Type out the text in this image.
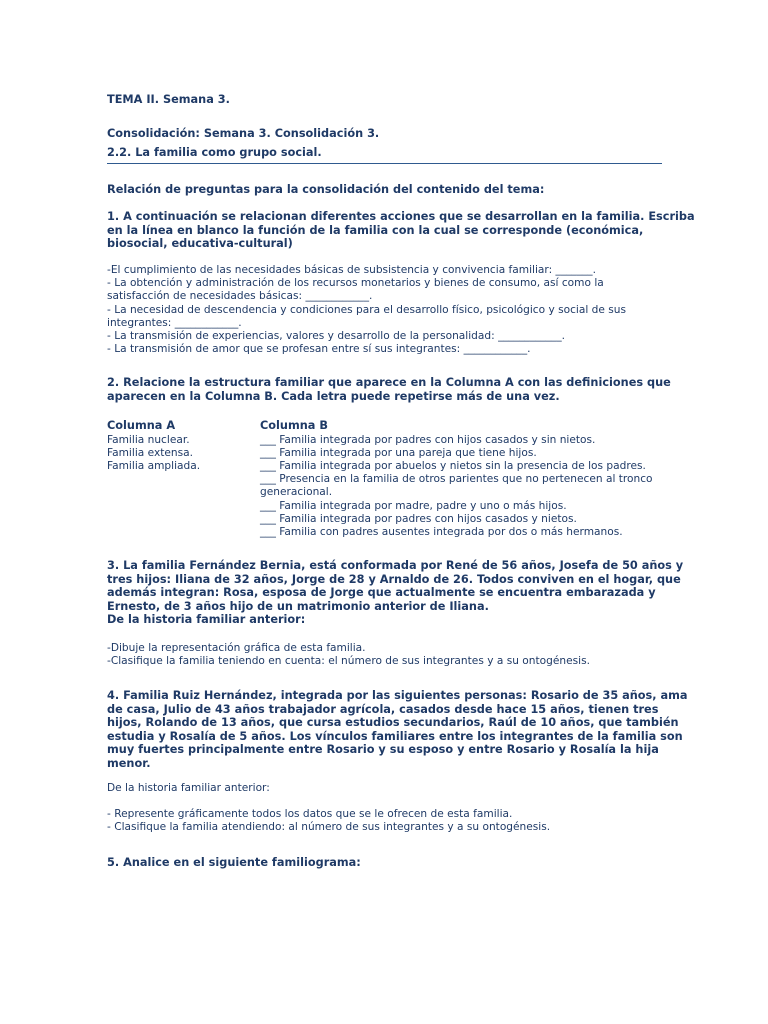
TEMA II. Semana 3.

Consolidación: Semana 3. Consolidación 3.

2.2. La familia como grupo social.

Relación de preguntas para la consolidación del contenido del tema:

1. A continuación se relacionan diferentes acciones que se desarrollan en la familia. Escriba
en la línea en blanco la función de la familia con la cual se corresponde (económica,
biosocial, educativa-cultural)
-El cumplimiento de las necesidades básicas de subsistencia y convivencia familiar: _______.
- La obtención y administración de los recursos monetarios y bienes de consumo, así como la
satisfacción de necesidades básicas: ____________.
- La necesidad de descendencia y condiciones para el desarrollo físico, psicológico y social de sus
integrantes: ____________.
- La transmisión de experiencias, valores y desarrollo de la personalidad: ____________.
- La transmisión de amor que se profesan entre sí sus integrantes: ____________.
2. Relacione la estructura familiar que aparece en la Columna A con las definiciones que
aparecen en la Columna B. Cada letra puede repetirse más de una vez.
Columna A
Familia nuclear.
Familia extensa.
Familia ampliada.
Columna B
___ Familia integrada por padres con hijos casados y sin nietos.
___ Familia integrada por una pareja que tiene hijos.
___ Familia integrada por abuelos y nietos sin la presencia de los padres.
___ Presencia en la familia de otros parientes que no pertenecen al tronco
generacional.
___ Familia integrada por madre, padre y uno o más hijos.
___ Familia integrada por padres con hijos casados y nietos.
___ Familia con padres ausentes integrada por dos o más hermanos.
3. La familia Fernández Bernia, está conformada por René de 56 años, Josefa de 50 años y
tres hijos: Iliana de 32 años, Jorge de 28 y Arnaldo de 26. Todos conviven en el hogar, que
además integran: Rosa, esposa de Jorge que actualmente se encuentra embarazada y
Ernesto, de 3 años hijo de un matrimonio anterior de Iliana.
De la historia familiar anterior:
-Dibuje la representación gráfica de esta familia.
-Clasifique la familia teniendo en cuenta: el número de sus integrantes y a su ontogénesis.
4. Familia Ruiz Hernández, integrada por las siguientes personas: Rosario de 35 años, ama
de casa, Julio de 43 años trabajador agrícola, casados desde hace 15 años, tienen tres
hijos, Rolando de 13 años, que cursa estudios secundarios, Raúl de 10 años, que también
estudia y Rosalía de 5 años. Los vínculos familiares entre los integrantes de la familia son
muy fuertes principalmente entre Rosario y su esposo y entre Rosario y Rosalía la hija
menor.

De la historia familiar anterior:

- Represente gráficamente todos los datos que se le ofrecen de esta familia.
- Clasifique la familia atendiendo: al número de sus integrantes y a su ontogénesis.

5. Analice en el siguiente familiograma:
